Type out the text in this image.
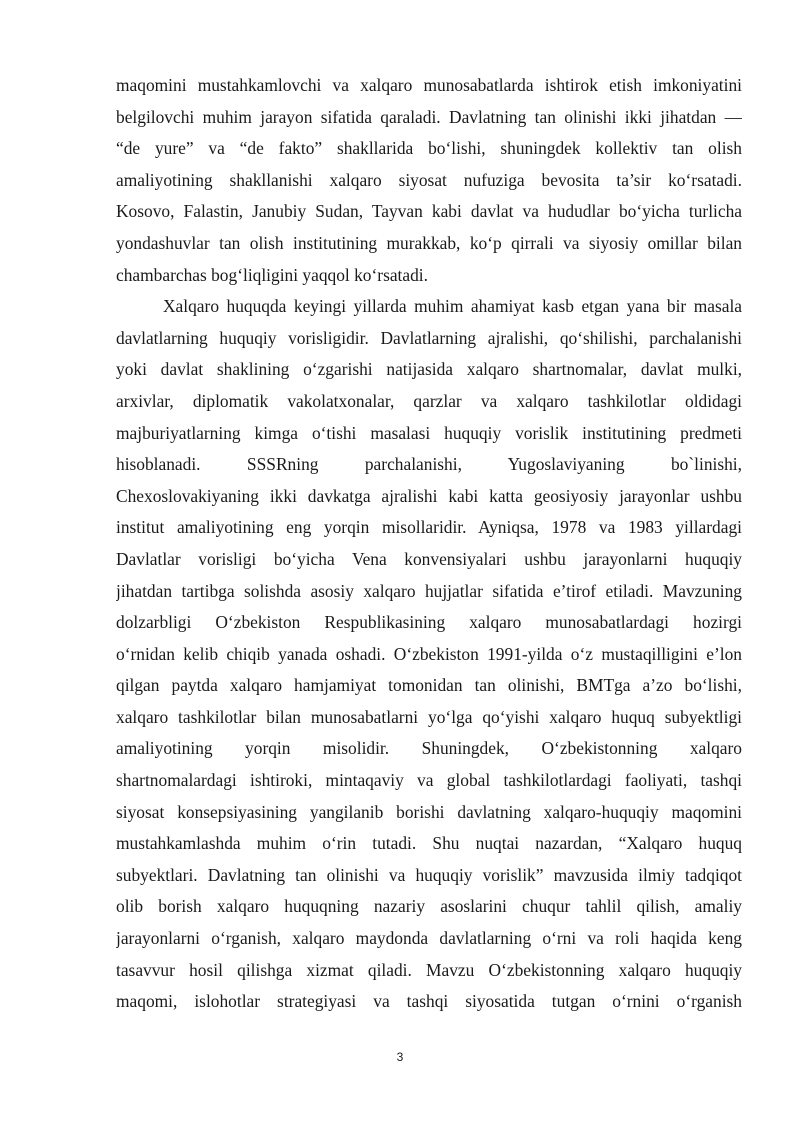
maqomini mustahkamlovchi va xalqaro munosabatlarda ishtirok etish imkoniyatini
belgilovchi muhim jarayon sifatida qaraladi. Davlatning tan olinishi ikki jihatdan —
“de yure” va “de fakto” shakllarida bo‘lishi, shuningdek kollektiv tan olish
amaliyotining shakllanishi xalqaro siyosat nufuziga bevosita ta’sir ko‘rsatadi.
Kosovo, Falastin, Janubiy Sudan, Tayvan kabi davlat va hududlar bo‘yicha turlicha
yondashuvlar tan olish institutining murakkab, ko‘p qirrali va siyosiy omillar bilan
chambarchas bog‘liqligini yaqqol ko‘rsatadi.
Xalqaro huquqda keyingi yillarda muhim ahamiyat kasb etgan yana bir masala
davlatlarning huquqiy vorisligidir. Davlatlarning ajralishi, qo‘shilishi, parchalanishi
yoki davlat shaklining o‘zgarishi natijasida xalqaro shartnomalar, davlat mulki,
arxivlar, diplomatik vakolatxonalar, qarzlar va xalqaro tashkilotlar oldidagi
majburiyatlarning kimga o‘tishi masalasi huquqiy vorislik institutining predmeti
hisoblanadi. SSSRning parchalanishi, Yugoslaviyaning bo`linishi,
Chexoslovakiyaning ikki davkatga ajralishi kabi katta geosiyosiy jarayonlar ushbu
institut amaliyotining eng yorqin misollaridir. Ayniqsa, 1978 va 1983 yillardagi
Davlatlar vorisligi bo‘yicha Vena konvensiyalari ushbu jarayonlarni huquqiy
jihatdan tartibga solishda asosiy xalqaro hujjatlar sifatida e’tirof etiladi. Mavzuning
dolzarbligi O‘zbekiston Respublikasining xalqaro munosabatlardagi hozirgi
o‘rnidan kelib chiqib yanada oshadi. O‘zbekiston 1991-yilda o‘z mustaqilligini e’lon
qilgan paytda xalqaro hamjamiyat tomonidan tan olinishi, BMTga a’zo bo‘lishi,
xalqaro tashkilotlar bilan munosabatlarni yo‘lga qo‘yishi xalqaro huquq subyektligi
amaliyotining yorqin misolidir. Shuningdek, O‘zbekistonning xalqaro
shartnomalardagi ishtiroki, mintaqaviy va global tashkilotlardagi faoliyati, tashqi
siyosat konsepsiyasining yangilanib borishi davlatning xalqaro-huquqiy maqomini
mustahkamlashda muhim o‘rin tutadi. Shu nuqtai nazardan, “Xalqaro huquq
subyektlari. Davlatning tan olinishi va huquqiy vorislik” mavzusida ilmiy tadqiqot
olib borish xalqaro huquqning nazariy asoslarini chuqur tahlil qilish, amaliy
jarayonlarni o‘rganish, xalqaro maydonda davlatlarning o‘rni va roli haqida keng
tasavvur hosil qilishga xizmat qiladi. Mavzu O‘zbekistonning xalqaro huquqiy
maqomi, islohotlar strategiyasi va tashqi siyosatida tutgan o‘rnini o‘rganish
3
